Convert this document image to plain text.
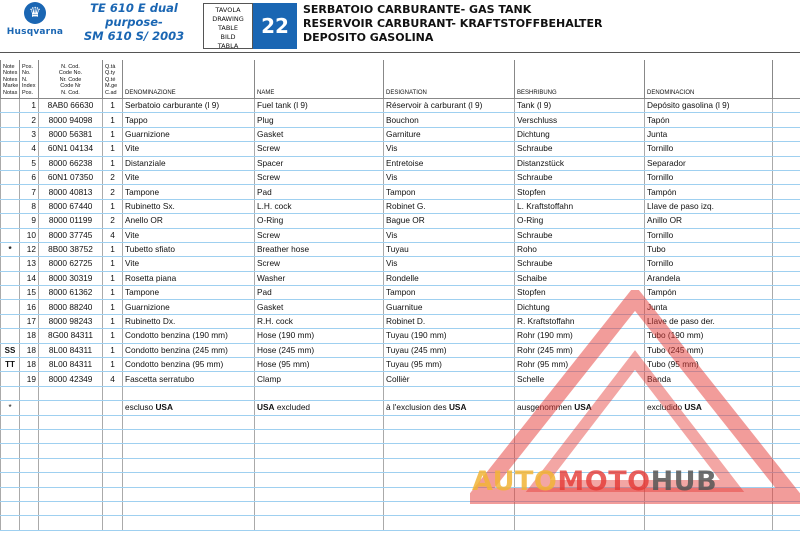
♛
Husqvarna
TE 610 E dual
purpose-
SM 610 S/ 2003
TAVOLA
DRAWING
TABLE
BILD
TABLA
22
SERBATOIO CARBURANTE- GAS TANK
RESERVOIR CARBURANT- KRAFTSTOFFBEHALTER
DEPOSITO GASOLINA
Note
Notes
Notes
Marke
Notas	Pos.
No.
N.
Index
Pos.	N. Cod.
Code No.
Nr. Code
Code Nr
N. Cod.	Q.tà
Q.ty
Q.té
M.ge
C.ad	DENOMINAZIONE	NAME	DESIGNATION	BESHRIBUNG	DENOMINACION	
	1	8AB0 66630	1	Serbatoio carburante (l 9)	Fuel tank (l 9)	Réservoir à carburant (l 9)	Tank (l 9)	Depósito gasolina (l 9)	
	2	8000 94098	1	Tappo	Plug	Bouchon	Verschluss	Tapón	
	3	8000 56381	1	Guarnizione	Gasket	Garniture	Dichtung	Junta	
	4	60N1 04134	1	Vite	Screw	Vis	Schraube	Tornillo	
	5	8000 66238	1	Distanziale	Spacer	Entretoise	Distanzstück	Separador	
	6	60N1 07350	2	Vite	Screw	Vis	Schraube	Tornillo	
	7	8000 40813	2	Tampone	Pad	Tampon	Stopfen	Tampón	
	8	8000 67440	1	Rubinetto Sx.	L.H. cock	Robinet G.	L. Kraftstoffahn	Llave de paso izq.	
	9	8000 01199	2	Anello OR	O-Ring	Bague OR	O-Ring	Anillo OR	
	10	8000 37745	4	Vite	Screw	Vis	Schraube	Tornillo	
*	12	8B00 38752	1	Tubetto sfiato	Breather hose	Tuyau	Roho	Tubo	
	13	8000 62725	1	Vite	Screw	Vis	Schraube	Tornillo	
	14	8000 30319	1	Rosetta piana	Washer	Rondelle	Schaibe	Arandela	
	15	8000 61362	1	Tampone	Pad	Tampon	Stopfen	Tampón	
	16	8000 88240	1	Guarnizione	Gasket	Guarnitue	Dichtung	Junta	
	17	8000 98243	1	Rubinetto Dx.	R.H. cock	Robinet D.	R. Kraftstoffahn	Llave de paso der.	
	18	8G00 84311	1	Condotto benzina (190 mm)	Hose (190 mm)	Tuyau (190 mm)	Rohr (190 mm)	Tubo (190 mm)	
SS	18	8L00 84311	1	Condotto benzina (245 mm)	Hose (245 mm)	Tuyau (245 mm)	Rohr (245 mm)	Tubo (245 mm)	
TT	18	8L00 84311	1	Condotto benzina (95 mm)	Hose (95 mm)	Tuyau (95 mm)	Rohr (95 mm)	Tubo (95 mm)	
	19	8000 42349	4	Fascetta serratubo	Clamp	Collièr	Schelle	Banda	

*				escluso USA	USA excluded	à l'exclusion des USA	ausgenommen USA	excludido USA	

AUTOMOTOHUB
